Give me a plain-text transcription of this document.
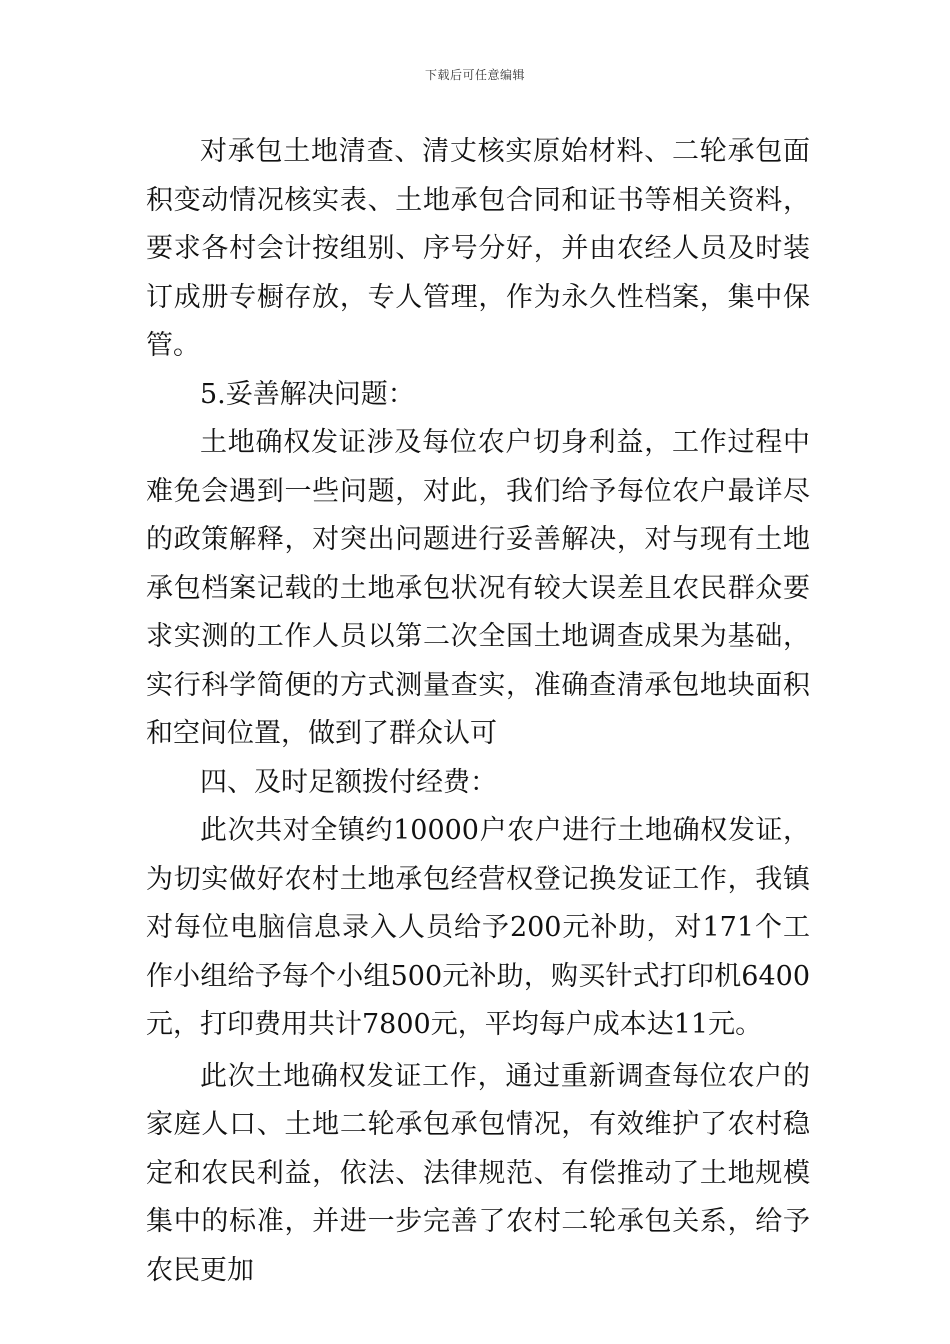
下载后可任意编辑

对承包土地清查、清丈核实原始材料、二轮承包面积变动情况核实表、土地承包合同和证书等相关资料，要求各村会计按组别、序号分好，并由农经人员及时装订成册专橱存放，专人管理，作为永久性档案，集中保管。

5.妥善解决问题：

土地确权发证涉及每位农户切身利益，工作过程中难免会遇到一些问题，对此，我们给予每位农户最详尽的政策解释，对突出问题进行妥善解决，对与现有土地承包档案记载的土地承包状况有较大误差且农民群众要求实测的工作人员以第二次全国土地调查成果为基础，实行科学简便的方式测量查实，准确查清承包地块面积和空间位置，做到了群众认可

四、及时足额拨付经费：

此次共对全镇约10000户农户进行土地确权发证，为切实做好农村土地承包经营权登记换发证工作，我镇对每位电脑信息录入人员给予200元补助，对171个工作小组给予每个小组500元补助，购买针式打印机6400元，打印费用共计7800元，平均每户成本达11元。

此次土地确权发证工作，通过重新调查每位农户的家庭人口、土地二轮承包承包情况，有效维护了农村稳定和农民利益，依法、法律规范、有偿推动了土地规模集中的标准，并进一步完善了农村二轮承包关系，给予农民更加
